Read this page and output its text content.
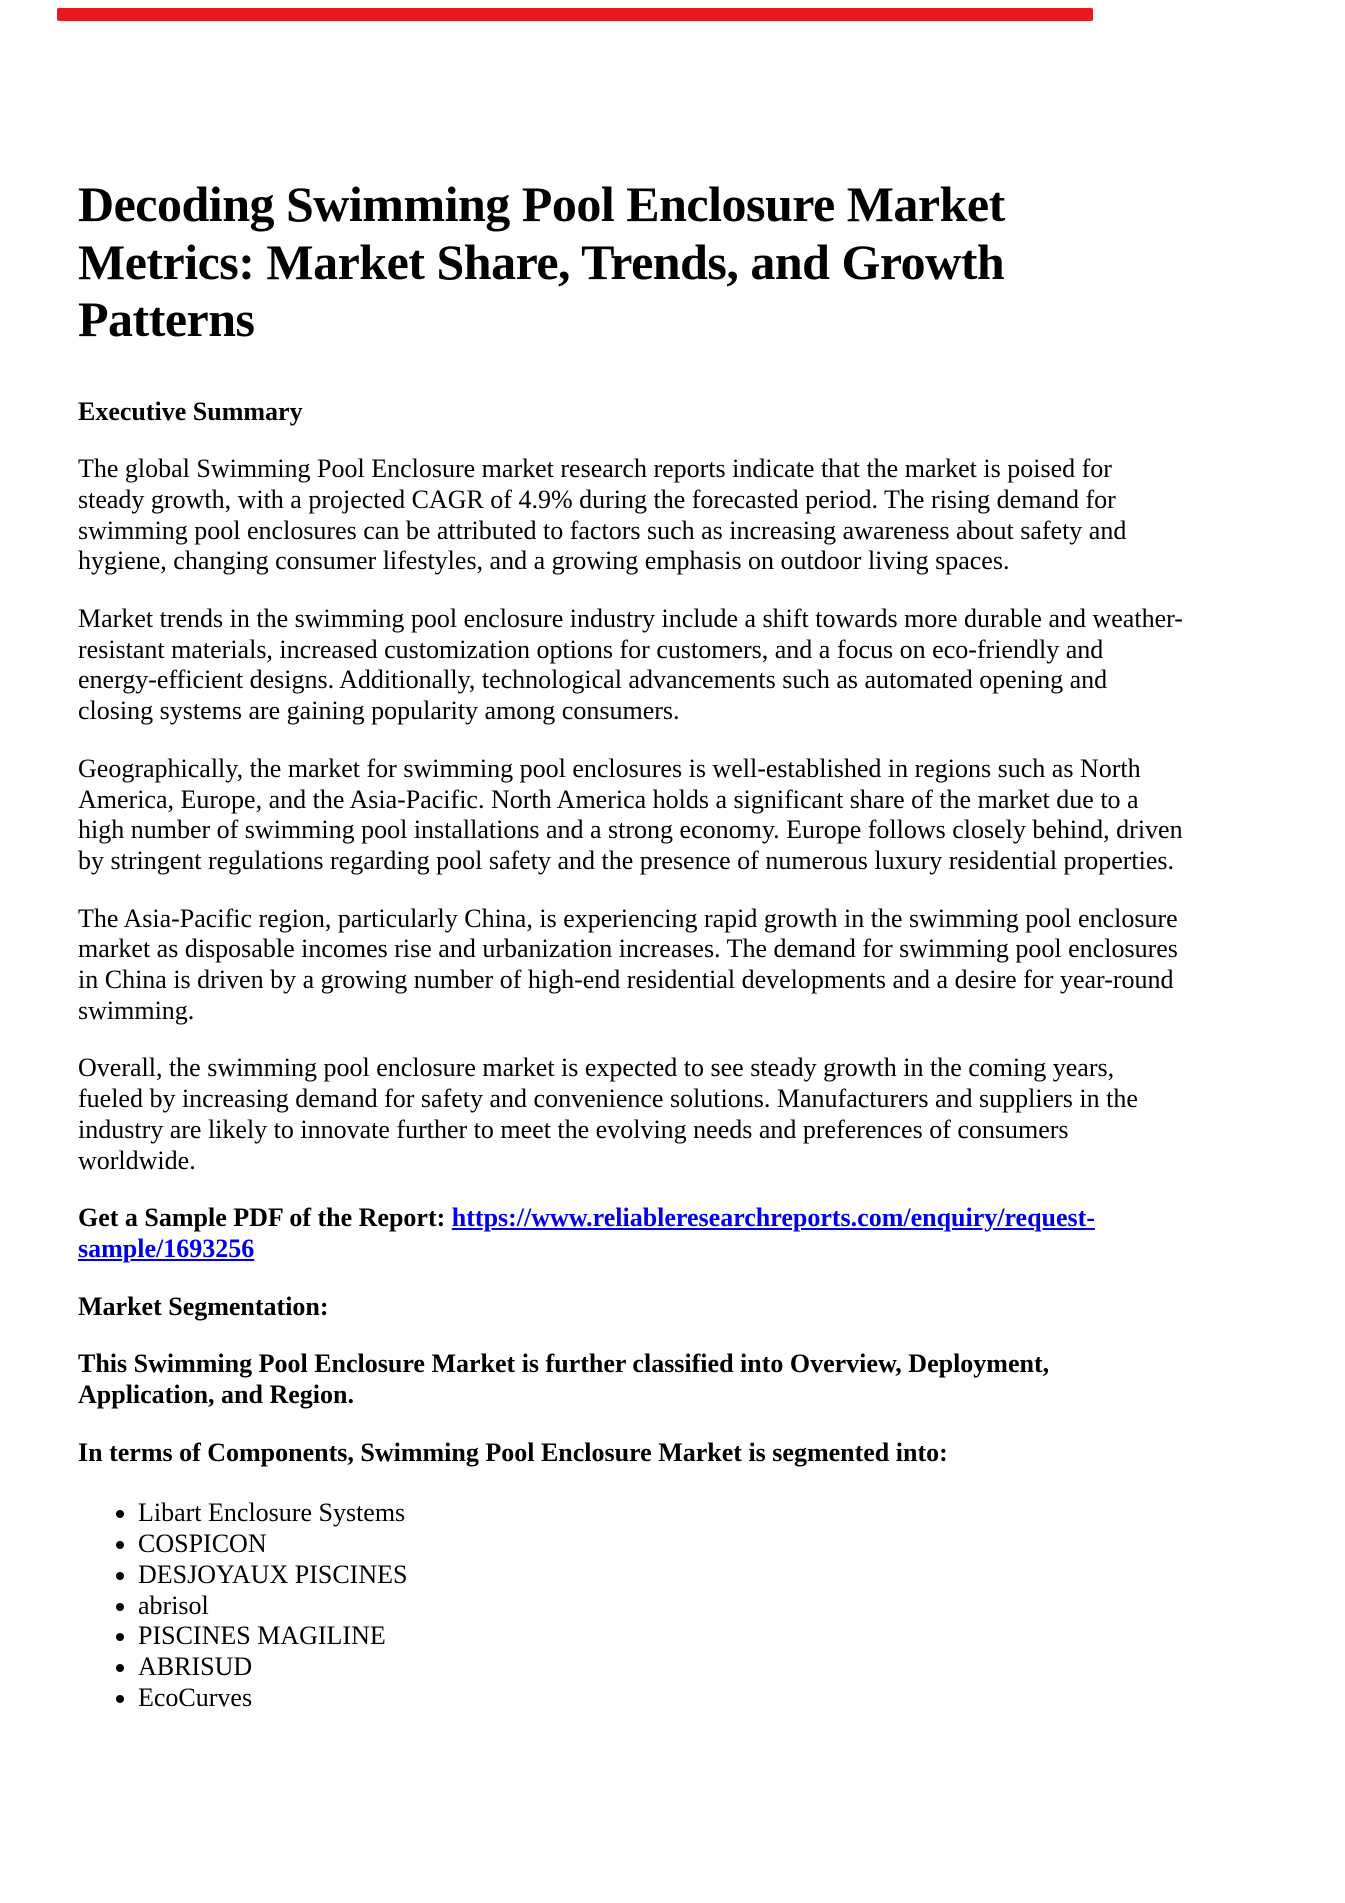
Decoding Swimming Pool Enclosure Market
Metrics: Market Share, Trends, and Growth
Patterns

Executive Summary

The global Swimming Pool Enclosure market research reports indicate that the market is poised for
steady growth, with a projected CAGR of 4.9% during the forecasted period. The rising demand for
swimming pool enclosures can be attributed to factors such as increasing awareness about safety and
hygiene, changing consumer lifestyles, and a growing emphasis on outdoor living spaces.

Market trends in the swimming pool enclosure industry include a shift towards more durable and weather-
resistant materials, increased customization options for customers, and a focus on eco-friendly and
energy-efficient designs. Additionally, technological advancements such as automated opening and
closing systems are gaining popularity among consumers.

Geographically, the market for swimming pool enclosures is well-established in regions such as North
America, Europe, and the Asia-Pacific. North America holds a significant share of the market due to a
high number of swimming pool installations and a strong economy. Europe follows closely behind, driven
by stringent regulations regarding pool safety and the presence of numerous luxury residential properties.

The Asia-Pacific region, particularly China, is experiencing rapid growth in the swimming pool enclosure
market as disposable incomes rise and urbanization increases. The demand for swimming pool enclosures
in China is driven by a growing number of high-end residential developments and a desire for year-round
swimming.

Overall, the swimming pool enclosure market is expected to see steady growth in the coming years,
fueled by increasing demand for safety and convenience solutions. Manufacturers and suppliers in the
industry are likely to innovate further to meet the evolving needs and preferences of consumers
worldwide.

Get a Sample PDF of the Report: https://www.reliableresearchreports.com/enquiry/request-
sample/1693256

Market Segmentation:

This Swimming Pool Enclosure Market is further classified into Overview, Deployment,
Application, and Region.

In terms of Components, Swimming Pool Enclosure Market is segmented into:

• Libart Enclosure Systems
• COSPICON
• DESJOYAUX PISCINES
• abrisol
• PISCINES MAGILINE
• ABRISUD
• EcoCurves
